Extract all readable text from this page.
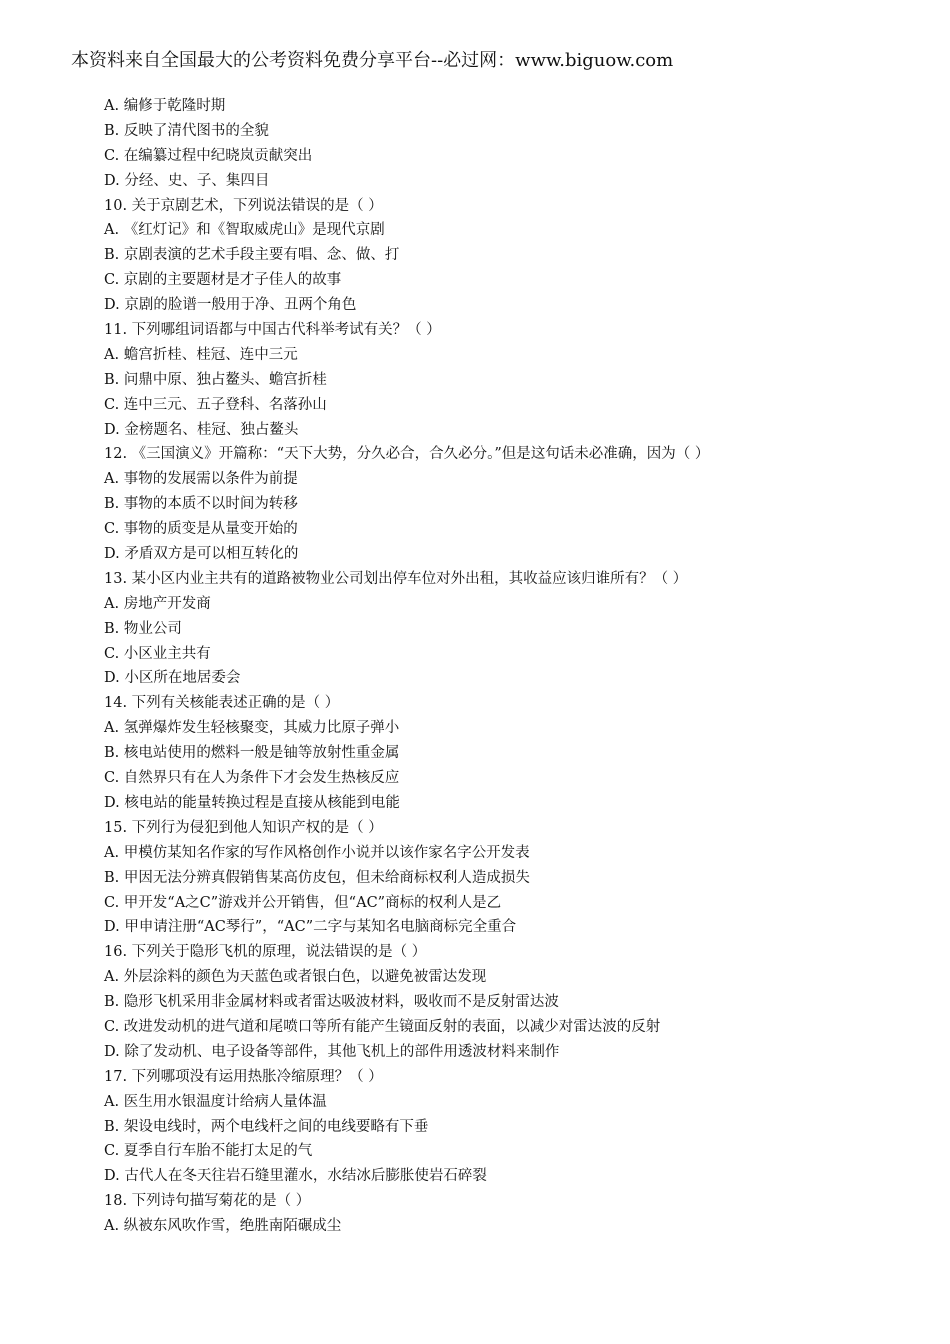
本资料来自全国最大的公考资料免费分享平台--必过网：www.biguow.com
A. 编修于乾隆时期
B. 反映了清代图书的全貌
C. 在编纂过程中纪晓岚贡献突出
D. 分经、史、子、集四目
10. 关于京剧艺术，下列说法错误的是（ ）
A. 《红灯记》和《智取威虎山》是现代京剧
B. 京剧表演的艺术手段主要有唱、念、做、打
C. 京剧的主要题材是才子佳人的故事
D. 京剧的脸谱一般用于净、丑两个角色
11. 下列哪组词语都与中国古代科举考试有关？（ ）
A. 蟾宫折桂、桂冠、连中三元
B. 问鼎中原、独占鳌头、蟾宫折桂
C. 连中三元、五子登科、名落孙山
D. 金榜题名、桂冠、独占鳌头
12. 《三国演义》开篇称：“天下大势，分久必合，合久必分。”但是这句话未必准确，因为（ ）
A. 事物的发展需以条件为前提
B. 事物的本质不以时间为转移
C. 事物的质变是从量变开始的
D. 矛盾双方是可以相互转化的
13. 某小区内业主共有的道路被物业公司划出停车位对外出租，其收益应该归谁所有？（ ）
A. 房地产开发商
B. 物业公司
C. 小区业主共有
D. 小区所在地居委会
14. 下列有关核能表述正确的是（ ）
A. 氢弹爆炸发生轻核聚变，其威力比原子弹小
B. 核电站使用的燃料一般是铀等放射性重金属
C. 自然界只有在人为条件下才会发生热核反应
D. 核电站的能量转换过程是直接从核能到电能
15. 下列行为侵犯到他人知识产权的是（ ）
A. 甲模仿某知名作家的写作风格创作小说并以该作家名字公开发表
B. 甲因无法分辨真假销售某高仿皮包，但未给商标权利人造成损失
C. 甲开发“A之C”游戏并公开销售，但“AC”商标的权利人是乙
D. 甲申请注册“AC琴行”，“AC”二字与某知名电脑商标完全重合
16. 下列关于隐形飞机的原理，说法错误的是（ ）
A. 外层涂料的颜色为天蓝色或者银白色，以避免被雷达发现
B. 隐形飞机采用非金属材料或者雷达吸波材料，吸收而不是反射雷达波
C. 改进发动机的进气道和尾喷口等所有能产生镜面反射的表面，以减少对雷达波的反射
D. 除了发动机、电子设备等部件，其他飞机上的部件用透波材料来制作
17. 下列哪项没有运用热胀冷缩原理？（ ）
A. 医生用水银温度计给病人量体温
B. 架设电线时，两个电线杆之间的电线要略有下垂
C. 夏季自行车胎不能打太足的气
D. 古代人在冬天往岩石缝里灌水，水结冰后膨胀使岩石碎裂
18. 下列诗句描写菊花的是（ ）
A. 纵被东风吹作雪，绝胜南陌碾成尘
